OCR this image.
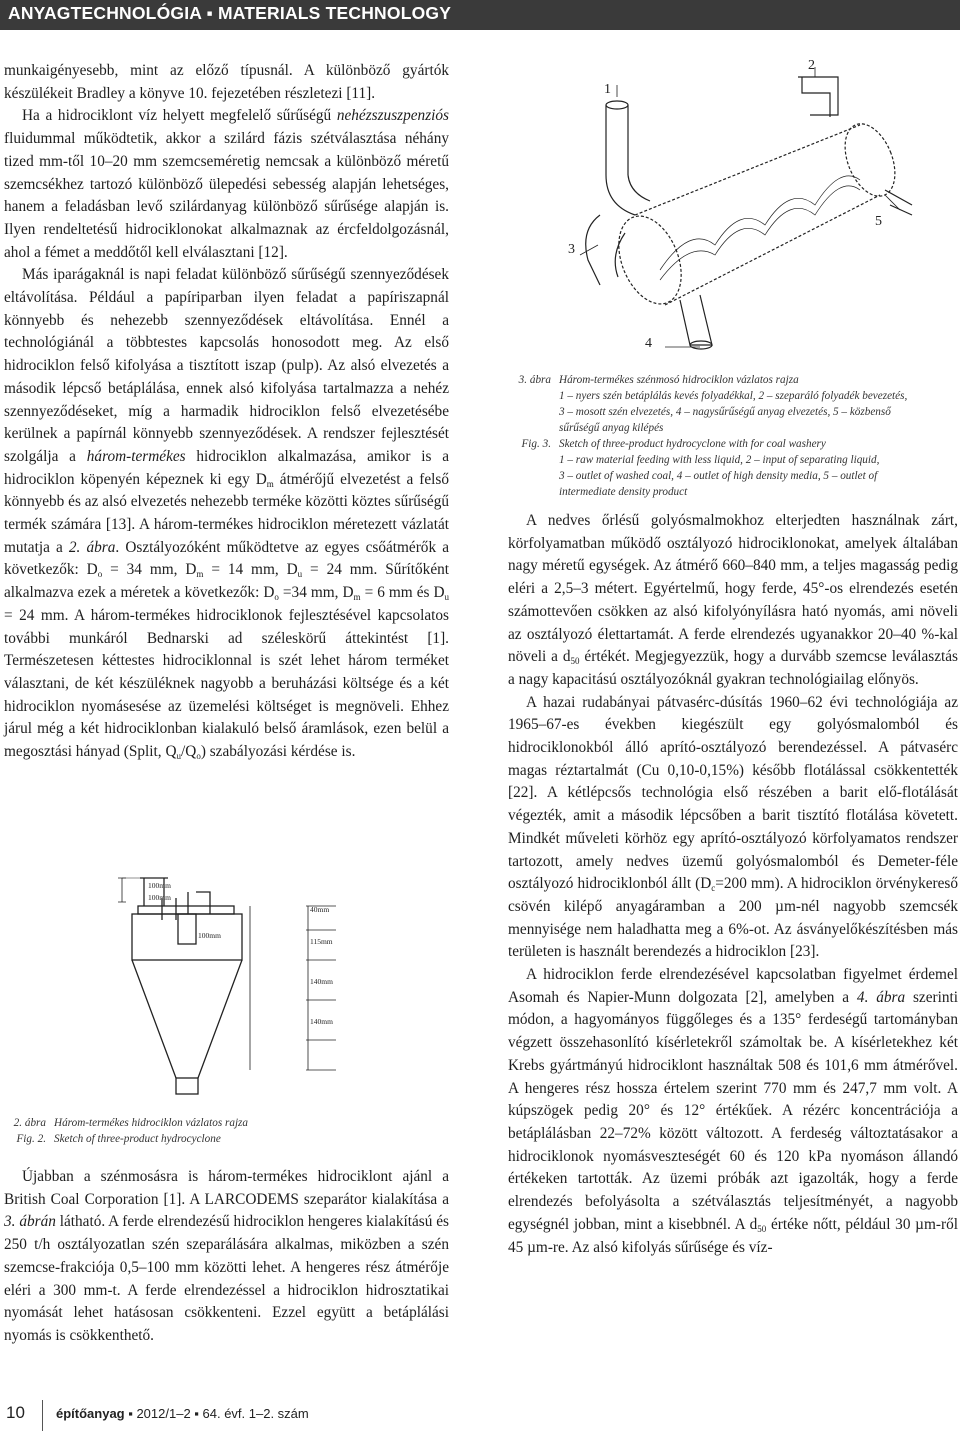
ANYAGTECHNOLÓGIA ▪ MATERIALS TECHNOLOGY

munkaigényesebb, mint az előző típusnál. A különböző gyártók készülékeit Bradley a könyve 10. fejezetében részletezi [11].

Ha a hidrociklont víz helyett megfelelő sűrűségű nehézszuszpenziós fluidummal működtetik, akkor a szilárd fázis szétválasztása néhány tized mm-től 10–20 mm szemcseméretig nemcsak a különböző méretű szemcsékhez tartozó különböző ülepedési sebesség alapján lehetséges, hanem a feladásban levő szilárdanyag különböző sűrűsége alapján is. Ilyen rendeltetésű hidrociklonokat alkalmaznak az ércfeldolgozásnál, ahol a fémet a meddőtől kell elválasztani [12].

Más iparágaknál is napi feladat különböző sűrűségű szennyeződések eltávolítása. Például a papíriparban ilyen feladat a papíriszapnál könnyebb és nehezebb szennyeződések eltávolítása. Ennél a technológiánál a többtestes kapcsolás honosodott meg. Az első hidrociklon felső kifolyása a tisztított iszap (pulp). Az alsó elvezetés a második lépcső betáplálása, ennek alsó kifolyása tartalmazza a nehéz szennyeződéseket, míg a harmadik hidrociklon felső elvezetésébe kerülnek a papírnál könnyebb szennyeződések. A rendszer fejlesztését szolgálja a három-termékes hidrociklon alkalmazása, amikor is a hidrociklon köpenyén képeznek ki egy $D_m$ átmérőjű elvezetést a felső könnyebb és az alsó elvezetés nehezebb terméke közötti köztes sűrűségű termék számára [13]. A három-termékes hidrociklon méretezett vázlatát mutatja a 2. ábra. Osztályozóként működtetve az egyes csőátmérők a következők: $D_o = 34$ mm, $D_m = 14$ mm, $D_u = 24$ mm. Sűrítőként alkalmazva ezek a méretek a következők: $D_o =34$ mm, $D_m = 6$ mm és $D_u = 24$ mm. A három-termékes hidrociklonok fejlesztésével kapcsolatos további munkáról Bednarski ad széleskörű áttekintést [1]. Természetesen kéttestes hidrociklonnal is szét lehet három terméket választani, de két készüléknek nagyobb a beruházási költsége és a két hidrociklon nyomásesése az üzemelési költséget is megnöveli. Ehhez járul még a két hidrociklonban kialakuló belső áramlások, ezen belül a megosztási hányad (Split, $Q_u/Q_o$) szabályozási kérdése is.

100mm
100mm
100mm
40mm
115mm
140mm
140mm
2. ábra Három-termékes hidrociklon vázlatos rajza
Fig. 2. Sketch of three-product hydrocyclone

Újabban a szénmosásra is három-termékes hidrociklont ajánl a British Coal Corporation [1]. A LARCODEMS szeparátor kialakítása a 3. ábrán látható. A ferde elrendezésű hidrociklon hengeres kialakítású és 250 t/h osztályozatlan szén szeparálására alkalmas, miközben a szén szemcse-frakciója 0,5–100 mm közötti lehet. A hengeres rész átmérője eléri a 300 mm-t. A ferde elrendezéssel a hidrociklon hidrosztatikai nyomását lehet hatásosan csökkenteni. Ezzel együtt a betáplálási nyomás is csökkenthető.

1
2
3
4
5
3. ábra Három-termékes szénmosó hidrociklon vázlatos rajza
1 – nyers szén betáplálás kevés folyadékkal, 2 – szeparáló folyadék bevezetés,
3 – mosott szén elvezetés, 4 – nagysűrűségű anyag elvezetés, 5 – közbenső
sűrűségű anyag kilépés
Fig. 3. Sketch of three-product hydrocyclone with for coal washery
1 – raw material feeding with less liquid, 2 – input of separating liquid,
3 – outlet of washed coal, 4 – outlet of high density media, 5 – outlet of
intermediate density product

A nedves őrlésű golyósmalmokhoz elterjedten használnak zárt, körfolyamatban működő osztályozó hidrociklonokat, amelyek általában nagy méretű egységek. Az átmérő 660–840 mm, a teljes magasság pedig eléri a 2,5–3 métert. Egyértelmű, hogy ferde, 45°-os elrendezés esetén számottevően csökken az alsó kifolyónyílásra ható nyomás, ami növeli az osztályozó élettartamát. A ferde elrendezés ugyanakkor 20–40 %-kal növeli a $d_{50}$ értékét. Megjegyezzük, hogy a durvább szemcse leválasztás a nagy kapacitású osztályozóknál gyakran technológiailag előnyös.

A hazai rudabányai pátvasérc-dúsítás 1960–62 évi technológiája az 1965–67-es években kiegészült egy golyósmalomból és hidrociklonokból álló aprító-osztályozó berendezéssel. A pátvasérc magas réztartalmát (Cu 0,10-0,15%) később flotálással csökkentették [22]. A kétlépcsős technológia első részében a barit elő-flotálását végezték, amit a második lépcsőben a barit tisztító flotálása követett. Mindkét műveleti körhöz egy aprító-osztályozó körfolyamatos rendszer tartozott, amely nedves üzemű golyósmalomból és Demeter-féle osztályozó hidrociklonból állt ($D_c=200$ mm). A hidrociklon örvénykereső csövén kilépő anyagáramban a 200 µm-nél nagyobb szemcsék mennyisége nem haladhatta meg a 6%-ot. Az ásványelőkészítésben más területen is használt berendezés a hidrociklon [23].

A hidrociklon ferde elrendezésével kapcsolatban figyelmet érdemel Asomah és Napier-Munn dolgozata [2], amelyben a 4. ábra szerinti módon, a hagyományos függőleges és a 135° ferdeségű tartományban végzett összehasonlító kísérletekről számoltak be. A kísérletekhez két Krebs gyártmányú hidrociklont használtak 508 és 101,6 mm átmérővel. A hengeres rész hossza értelem szerint 770 mm és 247,7 mm volt. A kúpszögek pedig 20° és 12° értékűek. A rézérc koncentrációja a betáplálásban 22–72% között változott. A ferdeség változtatásakor a hidrociklonok nyomásveszteségét 60 és 120 kPa nyomáson állandó értékeken tartották. Az üzemi próbák azt igazolták, hogy a ferde elrendezés befolyásolta a szétválasztás teljesítményét, a nagyobb egységnél jobban, mint a kisebbnél. A $d_{50}$ értéke nőtt, például 30 µm-ről 45 µm-re. Az alsó kifolyás sűrűsége és víz-

10 építőanyag ▪ 2012/1–2 ▪ 64. évf. 1–2. szám
